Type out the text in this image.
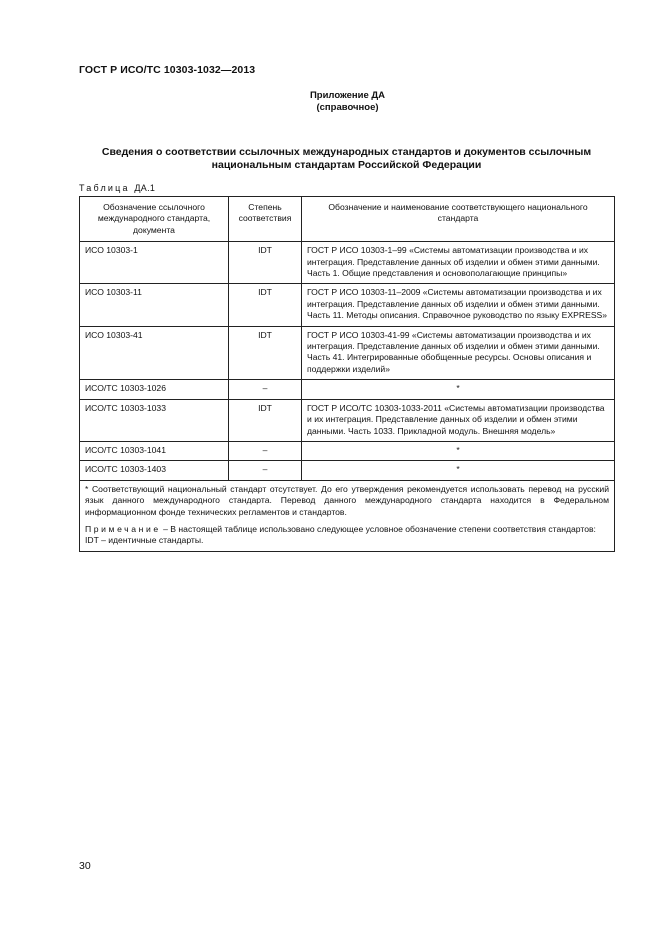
ГОСТ Р ИСО/ТС 10303-1032—2013
Приложение ДА
(справочное)
Сведения о соответствии ссылочных международных стандартов и документов ссылочным
национальным стандартам Российской Федерации
Таблица ДА.1
Обозначение ссылочного международного стандарта, документа	Степень соответствия	Обозначение и наименование соответствующего национального стандарта
ИСО 10303-1	IDT	ГОСТ Р ИСО 10303-1–99 «Системы автоматизации производства и их интеграция. Представление данных об изделии и обмен этими данными. Часть 1. Общие представления и основополагающие принципы»
ИСО 10303-11	IDT	ГОСТ Р ИСО 10303-11–2009 «Системы автоматизации производства и их интеграция. Представление данных об изделии и обмен этими данными. Часть 11. Методы описания. Справочное руководство по языку EXPRESS»
ИСО 10303-41	IDT	ГОСТ Р ИСО 10303-41-99 «Системы автоматизации производства и их интеграция. Представление данных об изделии и обмен этими данными. Часть 41. Интегрированные обобщенные ресурсы. Основы описания и поддержки изделий»
ИСО/ТС 10303-1026	–	*
ИСО/ТС 10303-1033	IDT	ГОСТ Р ИСО/ТС 10303-1033-2011 «Системы автоматизации производства и их интеграция. Представление данных об изделии и обмен этими данными. Часть 1033. Прикладной модуль. Внешняя модель»
ИСО/ТС 10303-1041	–	*
ИСО/ТС 10303-1403	–	*

* Соответствующий национальный стандарт отсутствует. До его утверждения рекомендуется использовать перевод на русский язык данного международного стандарта. Перевод данного международного стандарта находится в Федеральном информационном фонде технических регламентов и стандартов.

Примечание – В настоящей таблице использовано следующее условное обозначение степени соответствия стандартов:

IDT – идентичные стандарты.		

30
